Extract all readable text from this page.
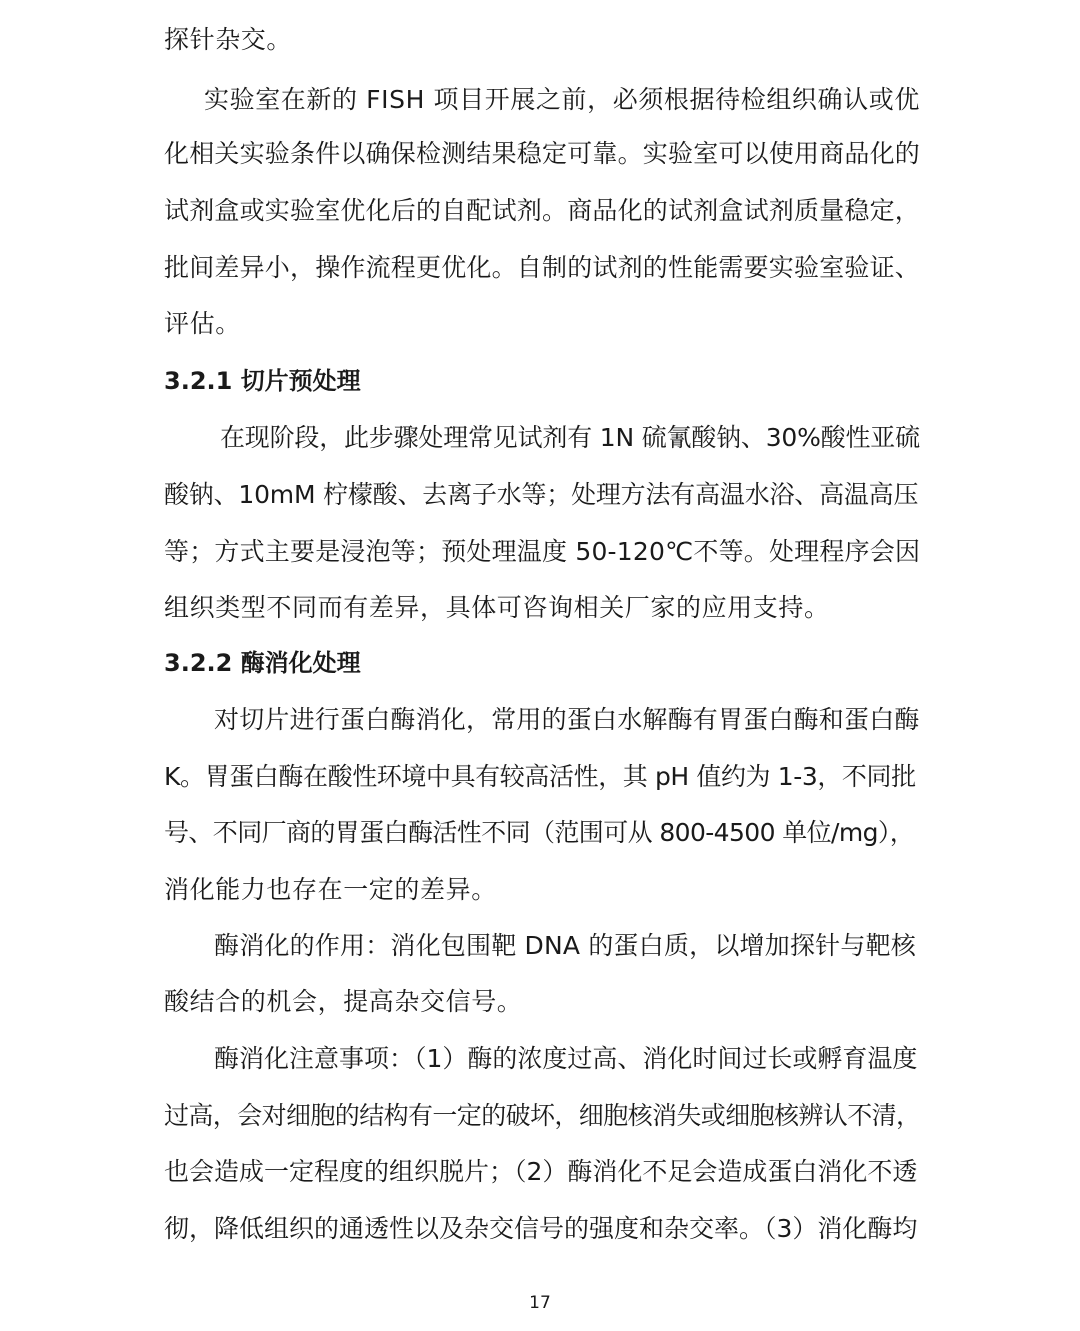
探针杂交。
实验室在新的 FISH 项目开展之前，必须根据待检组织确认或优
化相关实验条件以确保检测结果稳定可靠。实验室可以使用商品化的
试剂盒或实验室优化后的自配试剂。商品化的试剂盒试剂质量稳定，
批间差异小，操作流程更优化。自制的试剂的性能需要实验室验证、
评估。
3.2.1 切片预处理
在现阶段，此步骤处理常见试剂有 1N 硫氰酸钠、30%酸性亚硫
酸钠、10mM 柠檬酸、去离子水等；处理方法有高温水浴、高温高压
等；方式主要是浸泡等；预处理温度 50-120℃不等。处理程序会因
组织类型不同而有差异，具体可咨询相关厂家的应用支持。
3.2.2 酶消化处理
对切片进行蛋白酶消化，常用的蛋白水解酶有胃蛋白酶和蛋白酶
K。胃蛋白酶在酸性环境中具有较高活性，其 pH 值约为 1-3，不同批
号、不同厂商的胃蛋白酶活性不同（范围可从 800-4500 单位/mg），
消化能力也存在一定的差异。
酶消化的作用：消化包围靶 DNA 的蛋白质，以增加探针与靶核
酸结合的机会，提高杂交信号。
酶消化注意事项：（1）酶的浓度过高、消化时间过长或孵育温度
过高，会对细胞的结构有一定的破坏，细胞核消失或细胞核辨认不清，
也会造成一定程度的组织脱片；（2）酶消化不足会造成蛋白消化不透
彻，降低组织的通透性以及杂交信号的强度和杂交率。（3）消化酶均
17
